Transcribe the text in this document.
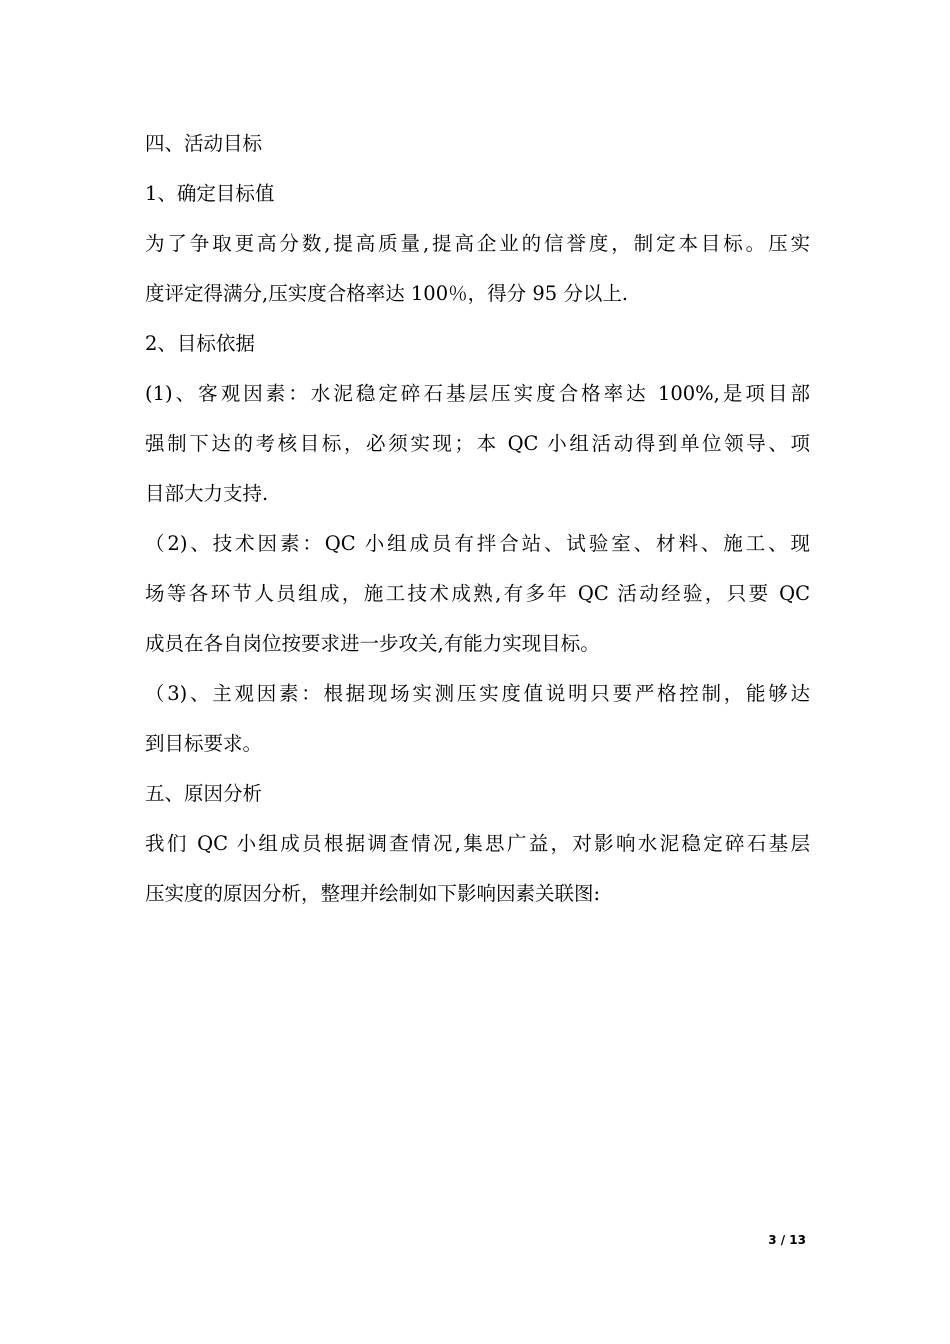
四、活动目标
1、确定目标值
为了争取更高分数,提高质量,提高企业的信誉度，制定本目标。压实
度评定得满分,压实度合格率达 100％，得分 95 分以上.
2、目标依据
(1)、客观因素：水泥稳定碎石基层压实度合格率达 100%,是项目部
强制下达的考核目标，必须实现；本 QC 小组活动得到单位领导、项
目部大力支持.
（2)、技术因素：QC 小组成员有拌合站、试验室、材料、施工、现
场等各环节人员组成，施工技术成熟,有多年 QC 活动经验，只要 QC
成员在各自岗位按要求进一步攻关,有能力实现目标。
（3)、主观因素：根据现场实测压实度值说明只要严格控制，能够达
到目标要求。
五、原因分析
我们 QC 小组成员根据调查情况,集思广益，对影响水泥稳定碎石基层
压实度的原因分析，整理并绘制如下影响因素关联图:
3 / 13
